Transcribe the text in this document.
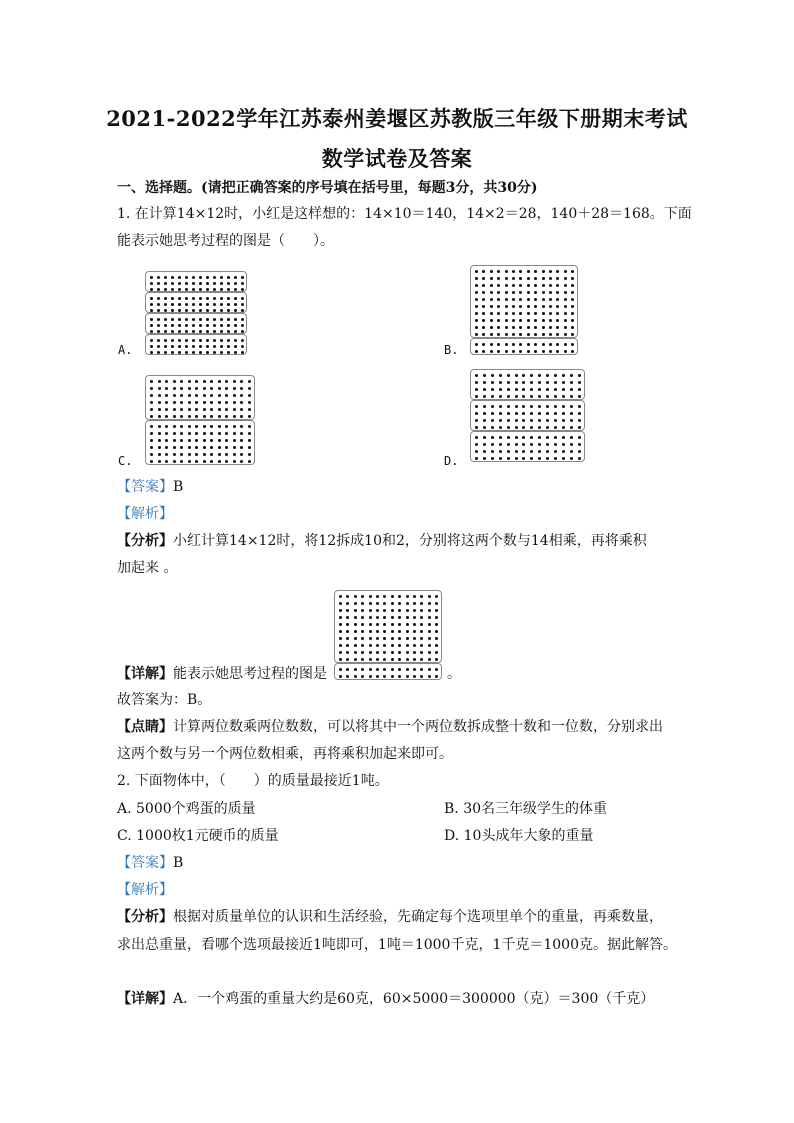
2021-2022学年江苏泰州姜堰区苏教版三年级下册期末考试
数学试卷及答案
一、选择题。(请把正确答案的序号填在括号里，每题3分，共30分)
1. 在计算14×12时，小红是这样想的：14×10＝140，14×2＝28，140＋28＝168。下面
能表示她思考过程的图是（　　）。
A.	B.
C.	D.
【答案】B
【解析】
【分析】小红计算14×12时，将12拆成10和2，分别将这两个数与14相乘，再将乘积
加起来 。
【详解】能表示她思考过程的图是	。
故答案为：B。
【点睛】计算两位数乘两位数数，可以将其中一个两位数拆成整十数和一位数，分别求出
这两个数与另一个两位数相乘，再将乘积加起来即可。
2. 下面物体中，（　　）的质量最接近1吨。
A. 5000个鸡蛋的质量	B. 30名三年级学生的体重
C. 1000枚1元硬币的质量	D. 10头成年大象的重量
【答案】B
【解析】
【分析】根据对质量单位的认识和生活经验，先确定每个选项里单个的重量，再乘数量，
求出总重量，看哪个选项最接近1吨即可，1吨＝1000千克，1千克＝1000克。据此解答。
【详解】A．一个鸡蛋的重量大约是60克，60×5000＝300000（克）＝300（千克）
